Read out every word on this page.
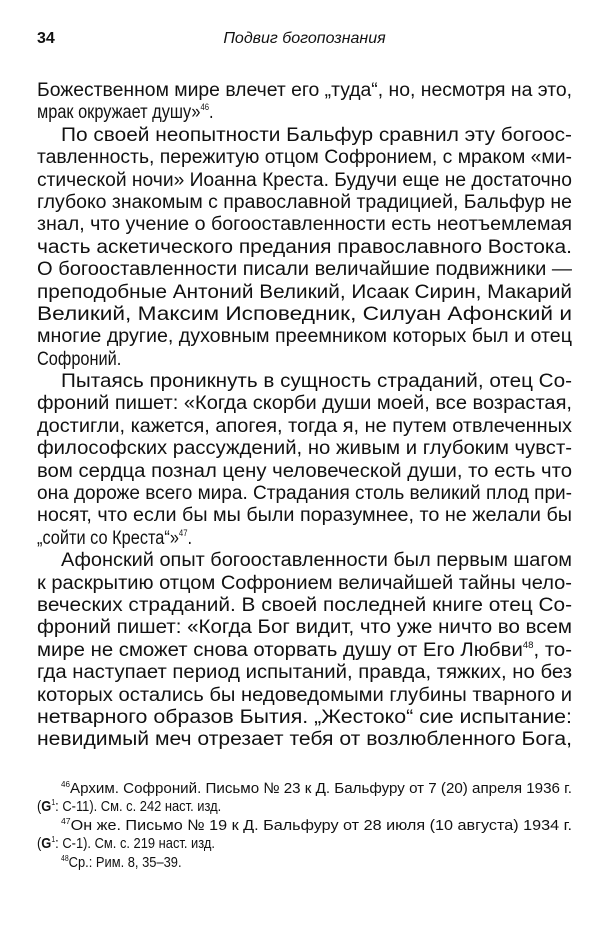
34	Подвиг богопознания
Божественном мире влечет его „туда“, но, несмотря на это,
мрак окружает душу»$^{46}$.
По своей неопытности Бальфур сравнил эту богоос-
тавленность, пережитую отцом Софронием, с мраком «ми-
стической ночи» Иоанна Креста. Будучи еще не достаточно
глубоко знакомым с православной традицией, Бальфур не
знал, что учение о богооставленности есть неотъемлемая
часть аскетического предания православного Востока.
О богооставленности писали величайшие подвижники —
преподобные Антоний Великий, Исаак Сирин, Макарий
Великий, Максим Исповедник, Силуан Афонский и
многие другие, духовным преемником которых был и отец
Софроний.
Пытаясь проникнуть в сущность страданий, отец Со-
фроний пишет: «Когда скорби души моей, все возрастая,
достигли, кажется, апогея, тогда я, не путем отвлеченных
философских рассуждений, но живым и глубоким чувст-
вом сердца познал цену человеческой души, то есть что
она дороже всего мира. Страдания столь великий плод при-
носят, что если бы мы были поразумнее, то не желали бы
„сойти со Креста“»$^{47}$.
Афонский опыт богооставленности был первым шагом
к раскрытию отцом Софронием величайшей тайны чело-
веческих страданий. В своей последней книге отец Со-
фроний пишет: «Когда Бог видит, что уже ничто во всем
мире не сможет снова оторвать душу от Его Любви$^{48}$, то-
гда наступает период испытаний, правда, тяжких, но без
которых остались бы недоведомыми глубины тварного и
нетварного образов Бытия. „Жестоко“ сие испытание:
невидимый меч отрезает тебя от возлюбленного Бога,
$^{46}$Архим. Софроний. Письмо № 23 к Д. Бальфуру от 7 (20) апреля 1936 г.
($G^1$: C-11). См. с. 242 наст. изд.
$^{47}$Он же. Письмо № 19 к Д. Бальфуру от 28 июля (10 августа) 1934 г.
($G^1$: C-1). См. с. 219 наст. изд.
$^{48}$Ср.: Рим. 8, 35–39.
